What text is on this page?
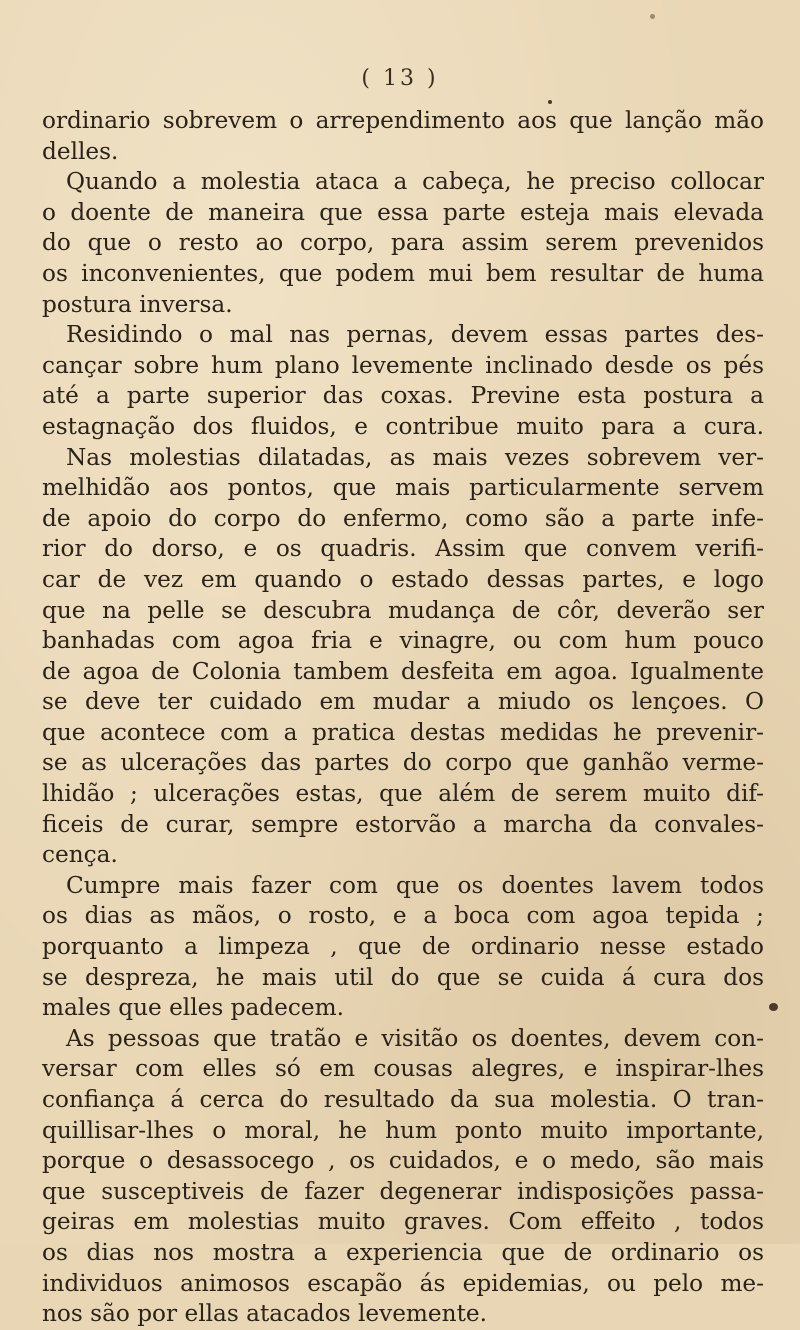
( 13 )
ordinario sobrevem o arrependimento aos que lanção mão
delles.
Quando a molestia ataca a cabeça, he preciso collocar
o doente de maneira que essa parte esteja mais elevada
do que o resto ao corpo, para assim serem prevenidos
os inconvenientes, que podem mui bem resultar de huma
postura inversa.
Residindo o mal nas pernas, devem essas partes des-
cançar sobre hum plano levemente inclinado desde os pés
até a parte superior das coxas. Previne esta postura a
estagnação dos fluidos, e contribue muito para a cura.
Nas molestias dilatadas, as mais vezes sobrevem ver-
melhidão aos pontos, que mais particularmente servem
de apoio do corpo do enfermo, como são a parte infe-
rior do dorso, e os quadris. Assim que convem verifi-
car de vez em quando o estado dessas partes, e logo
que na pelle se descubra mudança de côr, deverão ser
banhadas com agoa fria e vinagre, ou com hum pouco
de agoa de Colonia tambem desfeita em agoa. Igualmente
se deve ter cuidado em mudar a miudo os lençoes. O
que acontece com a pratica destas medidas he prevenir-
se as ulcerações das partes do corpo que ganhão verme-
lhidão ; ulcerações estas, que além de serem muito dif-
ficeis de curar, sempre estorvão a marcha da convales-
cença.
Cumpre mais fazer com que os doentes lavem todos
os dias as mãos, o rosto, e a boca com agoa tepida ;
porquanto a limpeza , que de ordinario nesse estado
se despreza, he mais util do que se cuida á cura dos
males que elles padecem.
As pessoas que tratão e visitão os doentes, devem con-
versar com elles só em cousas alegres, e inspirar-lhes
confiança á cerca do resultado da sua molestia. O tran-
quillisar-lhes o moral, he hum ponto muito importante,
porque o desassocego , os cuidados, e o medo, são mais
que susceptiveis de fazer degenerar indisposições passa-
geiras em molestias muito graves. Com effeito , todos
os dias nos mostra a experiencia que de ordinario os
individuos animosos escapão ás epidemias, ou pelo me-
nos são por ellas atacados levemente.
